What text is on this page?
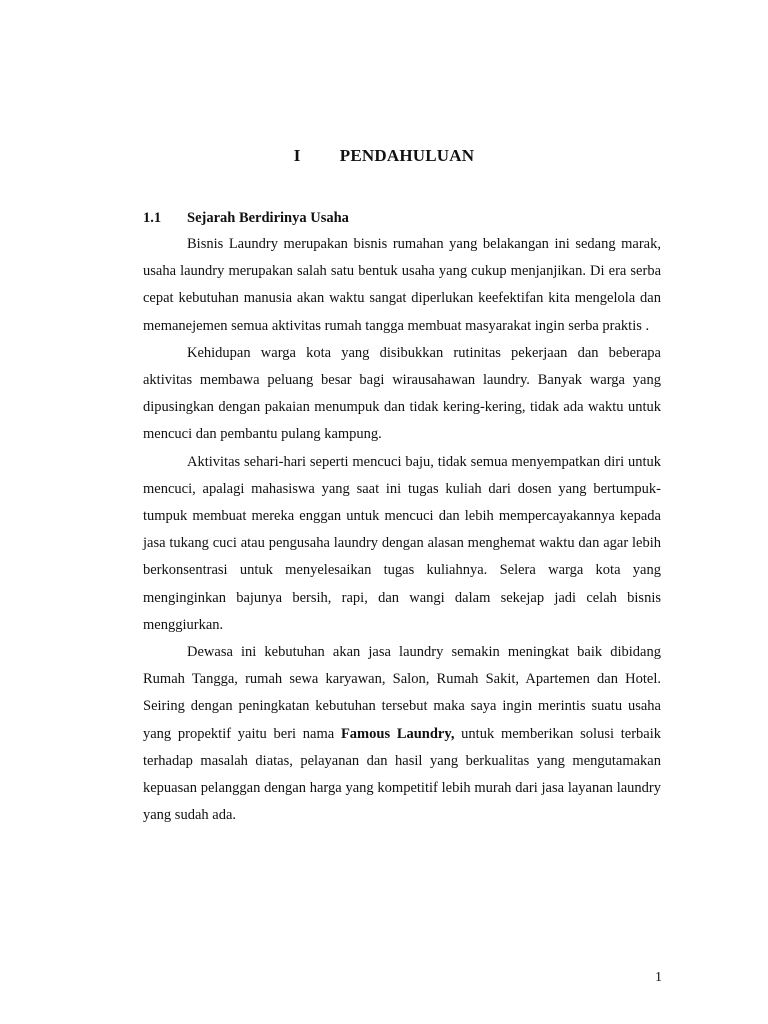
I PENDAHULUAN
1.1 Sejarah Berdirinya Usaha

Bisnis Laundry merupakan bisnis rumahan yang belakangan ini sedang marak, usaha laundry merupakan salah satu bentuk usaha yang cukup menjanjikan. Di era serba cepat kebutuhan manusia akan waktu sangat diperlukan keefektifan kita mengelola dan memanejemen semua aktivitas rumah tangga membuat masyarakat ingin serba praktis .

Kehidupan warga kota yang disibukkan rutinitas pekerjaan dan beberapa aktivitas membawa peluang besar bagi wirausahawan laundry. Banyak warga yang dipusingkan dengan pakaian menumpuk dan tidak kering-kering, tidak ada waktu untuk mencuci dan pembantu pulang kampung.

Aktivitas sehari-hari seperti mencuci baju, tidak semua menyempatkan diri untuk mencuci, apalagi mahasiswa yang saat ini tugas kuliah dari dosen yang bertumpuk-tumpuk membuat mereka enggan untuk mencuci dan lebih mempercayakannya kepada jasa tukang cuci atau pengusaha laundry dengan alasan menghemat waktu dan agar lebih berkonsentrasi untuk menyelesaikan tugas kuliahnya. Selera warga kota yang menginginkan bajunya bersih, rapi, dan wangi dalam sekejap jadi celah bisnis menggiurkan.

Dewasa ini kebutuhan akan jasa laundry semakin meningkat baik dibidang Rumah Tangga, rumah sewa karyawan, Salon, Rumah Sakit, Apartemen dan Hotel. Seiring dengan peningkatan kebutuhan tersebut maka saya ingin merintis suatu usaha yang propektif yaitu beri nama Famous Laundry, untuk memberikan solusi terbaik terhadap masalah diatas, pelayanan dan hasil yang berkualitas yang mengutamakan kepuasan pelanggan dengan harga yang kompetitif lebih murah dari jasa layanan laundry yang sudah ada.

1
